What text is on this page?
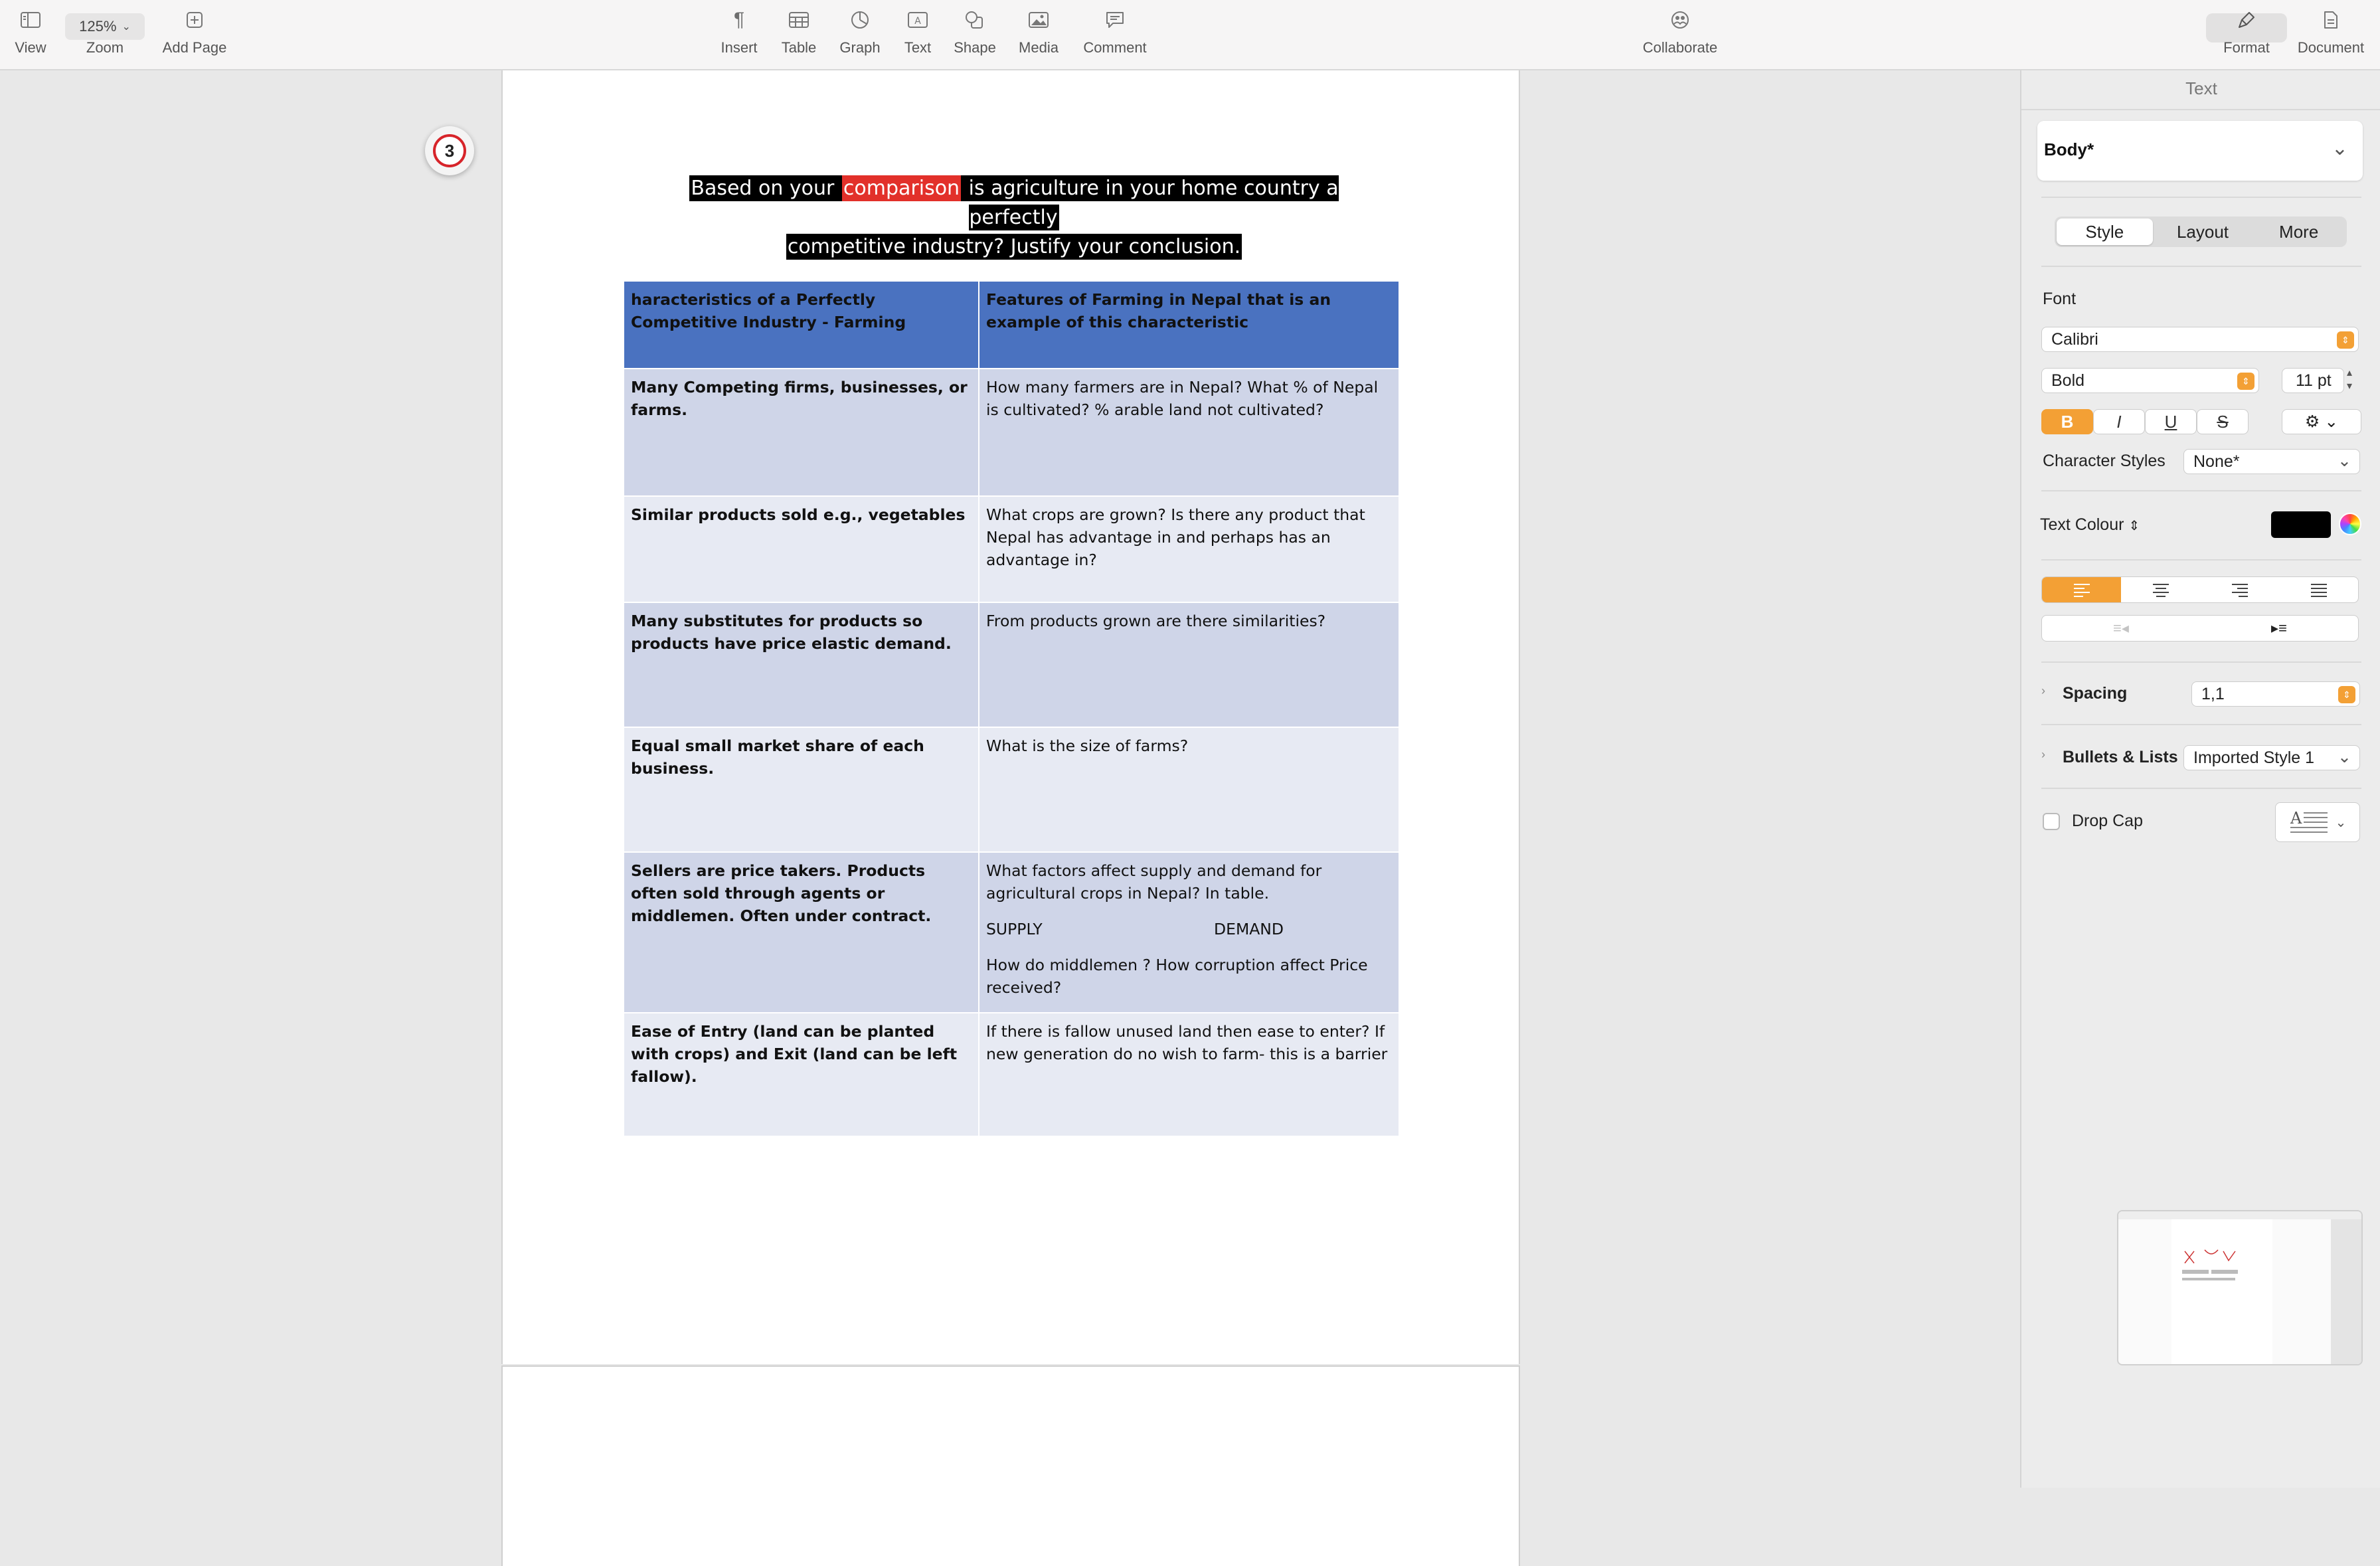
View
125% ⌄
Zoom	Add Page
¶
Insert Table Graph
A
Text Shape Media Comment	Collaborate	Format Document
3
Based on your comparison is agriculture in your home country a perfectly
competitive industry? Justify your conclusion.
haracteristics of a Perfectly Competitive Industry - Farming	Features of Farming in Nepal that is an example of this characteristic
Many Competing firms, businesses, or farms.	How many farmers are in Nepal? What % of Nepal is cultivated? % arable land not cultivated?
Similar products sold e.g., vegetables	What crops are grown? Is there any product that Nepal has advantage in and perhaps has an advantage in?
Many substitutes for products so products have price elastic demand.	From products grown are there similarities?
Equal small market share of each business.	What is the size of farms?
Sellers are price takers. Products often sold through agents or middlemen. Often under contract.	What factors affect supply and demand for agricultural crops in Nepal? In table.
SUPPLY DEMAND
How do middlemen ? How corruption affect Price received?

Ease of Entry (land can be planted with crops) and Exit (land can be left fallow).	If there is fallow unused land then ease to enter? If new generation do no wish to farm- this is a barrier
Text
Body*	⌄
Style	Layout	More
Font
Calibri	⇕
Bold	⇕	11 pt ▴
▾
B	I	U	S	⚙ ⌄
Character Styles None*	⌄
Text Colour ⇕
≡◂	▸≡
› Spacing	1,1	⇕
› Bullets & Lists Imported Style 1 ⌄
Drop Cap	A	⌄
